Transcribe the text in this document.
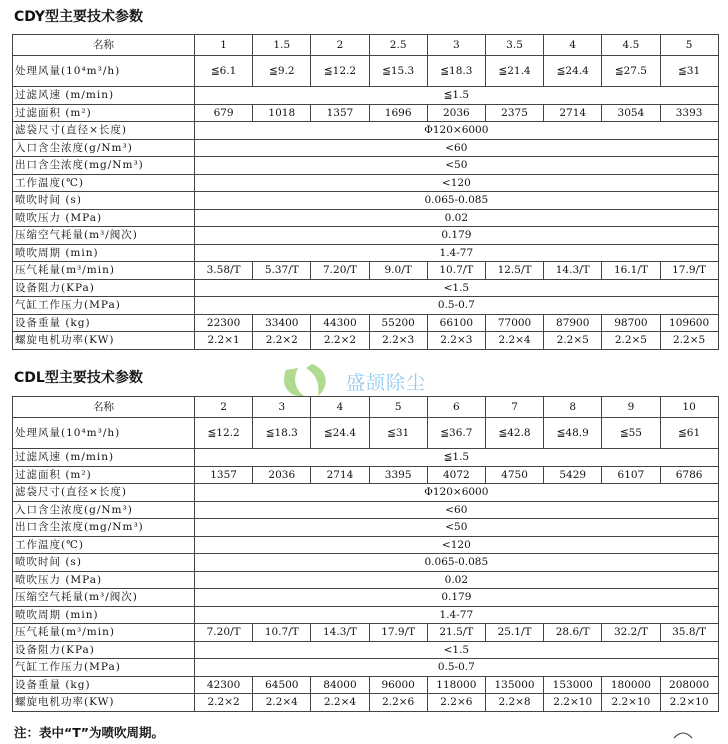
CDY型主要技术参数
名称	1	1.5	2	2.5	3	3.5	4	4.5	5
处理风量(10⁴m³/h)	≦6.1	≦9.2	≦12.2	≦15.3	≦18.3	≦21.4	≦24.4	≦27.5	≦31
过滤风速 (m/min)	≦1.5								
过滤面积 (m²)	679	1018	1357	1696	2036	2375	2714	3054	3393
滤袋尺寸(直径×长度)	Φ120×6000								
入口含尘浓度(g/Nm³)	<60								
出口含尘浓度(mg/Nm³)	<50								
工作温度(℃)	<120								
喷吹时间 (s)	0.065-0.085								
喷吹压力 (MPa)	0.02								
压缩空气耗量(m³/阀次)	0.179								
喷吹周期 (min)	1.4-77								
压气耗量(m³/min)	3.58/T	5.37/T	7.20/T	9.0/T	10.7/T	12.5/T	14.3/T	16.1/T	17.9/T
设备阻力(KPa)	<1.5								
气缸工作压力(MPa)	0.5-0.7								
设备重量 (kg)	22300	33400	44300	55200	66100	77000	87900	98700	109600
螺旋电机功率(KW)	2.2×1	2.2×2	2.2×2	2.2×3	2.2×3	2.2×4	2.2×5	2.2×5	2.2×5
盛颉除尘
CDL型主要技术参数
名称	2	3	4	5	6	7	8	9	10
处理风量(10⁴m³/h)	≦12.2	≦18.3	≦24.4	≦31	≦36.7	≦42.8	≦48.9	≦55	≦61
过滤风速 (m/min)	≦1.5								
过滤面积 (m²)	1357	2036	2714	3395	4072	4750	5429	6107	6786
滤袋尺寸(直径×长度)	Φ120×6000								
入口含尘浓度(g/Nm³)	<60								
出口含尘浓度(mg/Nm³)	<50								
工作温度(℃)	<120								
喷吹时间 (s)	0.065-0.085								
喷吹压力 (MPa)	0.02								
压缩空气耗量(m³/阀次)	0.179								
喷吹周期 (min)	1.4-77								
压气耗量(m³/min)	7.20/T	10.7/T	14.3/T	17.9/T	21.5/T	25.1/T	28.6/T	32.2/T	35.8/T
设备阻力(KPa)	<1.5								
气缸工作压力(MPa)	0.5-0.7								
设备重量 (kg)	42300	64500	84000	96000	118000	135000	153000	180000	208000
螺旋电机功率(KW)	2.2×2	2.2×4	2.2×4	2.2×6	2.2×6	2.2×8	2.2×10	2.2×10	2.2×10
注：表中“T”为喷吹周期。
